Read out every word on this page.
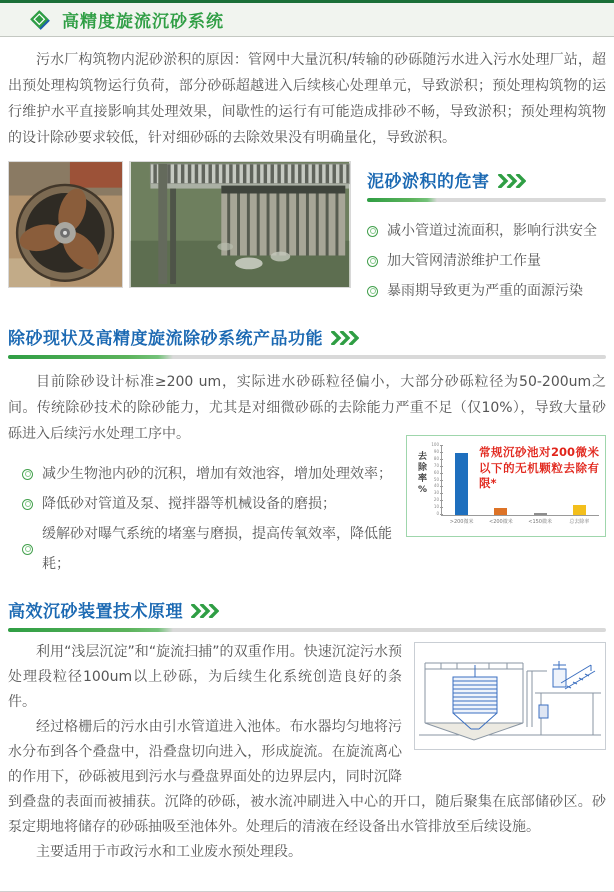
高精度旋流沉砂系统

污水厂构筑物内泥砂淤积的原因：管网中大量沉积/转输的砂砾随污水进入污水处理厂站，超出预处理构筑物运行负荷，部分砂砾超越进入后续核心处理单元，导致淤积；预处理构筑物的运行维护水平直接影响其处理效果，间歇性的运行有可能造成排砂不畅，导致淤积；预处理构筑物的设计除砂要求较低，针对细砂砾的去除效果没有明确量化，导致淤积。

泥砂淤积的危害
减小管道过流面积，影响行洪安全
加大管网清淤维护工作量
暴雨期导致更为严重的面源污染
除砂现状及高精度旋流除砂系统产品功能

目前除砂设计标准≥200 um，实际进水砂砾粒径偏小，大部分砂砾粒径为50-200um之间。传统除砂技术的除砂能力，尤其是对细微砂砾的去除能力严重不足（仅10%），导致大量砂砾进入后续污水处理工序中。

减少生物池内砂的沉积，增加有效池容，增加处理效率；
降低砂对管道及泵、搅拌器等机械设备的磨损；
缓解砂对曝气系统的堵塞与磨损，提高传氧效率，降低能耗；
去
除
率
%
0
10
20
30
40
50
60
70
80
90
100
>200微米	<200微米	<150微米	总去除率
常规沉砂池对200微米以下的无机颗粒去除有限*
高效沉砂装置技术原理

利用“浅层沉淀”和“旋流扫捕”的双重作用。快速沉淀污水预处理段粒径100um以上砂砾，为后续生化系统创造良好的条件。

经过格栅后的污水由引水管道进入池体。布水器均匀地将污水分布到各个叠盘中，沿叠盘切向进入，形成旋流。在旋流离心的作用下，砂砾被甩到污水与叠盘界面处的边界层内，同时沉降到叠盘的表面而被捕获。沉降的砂砾，被水流冲刷进入中心的开口，随后聚集在底部储砂区。砂泵定期地将储存的砂砾抽吸至池体外。处理后的清液在经设备出水管排放至后续设施。

主要适用于市政污水和工业废水预处理段。
